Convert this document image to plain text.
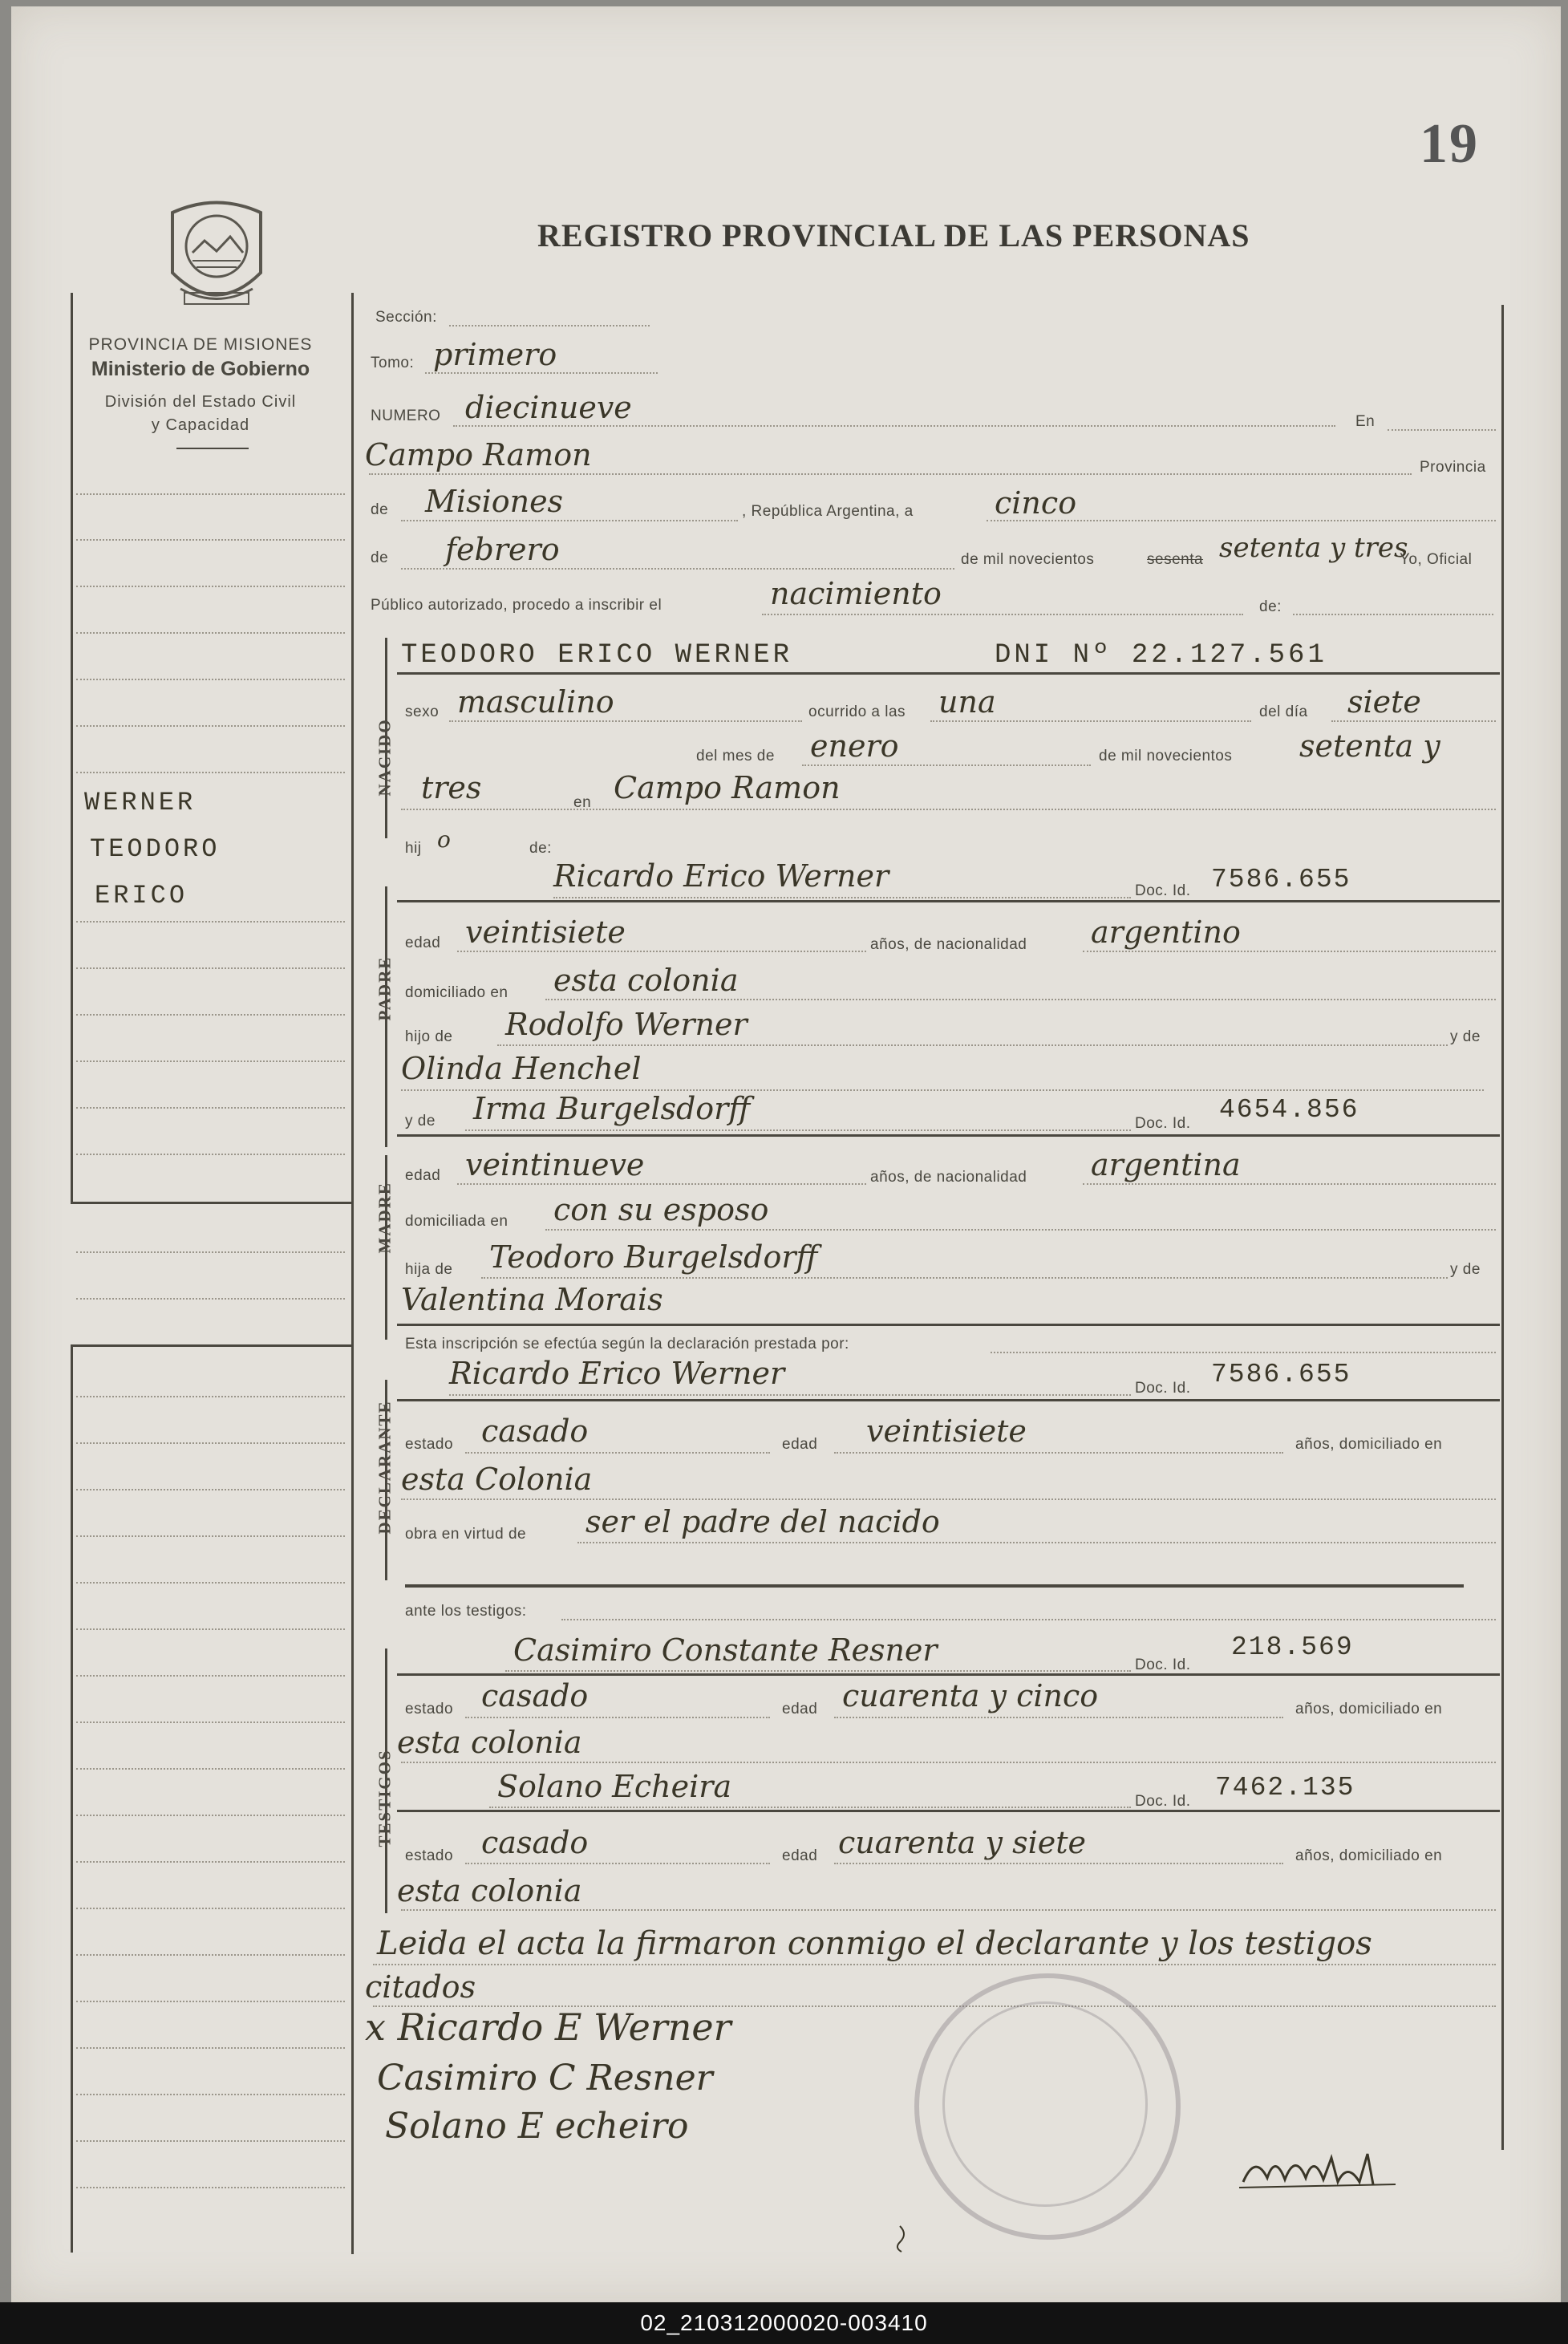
19
REGISTRO PROVINCIAL DE LAS PERSONAS
PROVINCIA DE MISIONES
Ministerio de Gobierno
División del Estado Civil
y Capacidad
WERNER
TEODORO
ERICO
Sección:
Tomo: primero
NUMERO diecinueve	En
Campo Ramon	Provincia
de Misiones	, República Argentina, a	cinco
de febrero	de mil novecientos	sesenta setenta y tres
Yo, Oficial
Público autorizado, procedo a inscribir el	nacimiento	de:
NACIDO
TEODORO ERICO WERNER	DNI Nº 22.127.561
sexo masculino	ocurrido a las una	del día siete
del mes de enero	de mil novecientos setenta y
tres	en Campo Ramon
hij o	de:
PADRE
Ricardo Erico Werner	Doc. Id. 7586.655
edad veintisiete	años, de nacionalidad argentino
domiciliado en esta colonia
hijo de Rodolfo Werner	y de
Olinda Henchel
y de Irma Burgelsdorff	Doc. Id. 4654.856
MADRE
edad veintinueve	años, de nacionalidad argentina
domiciliada en con su esposo
hija de Teodoro Burgelsdorff	y de
Valentina Morais
Esta inscripción se efectúa según la declaración prestada por:
DECLARANTE
Ricardo Erico Werner	Doc. Id. 7586.655
estado casado	edad veintisiete	años, domiciliado en
esta Colonia
obra en virtud de ser el padre del nacido
ante los testigos:
TESTIGOS
Casimiro Constante Resner	Doc. Id.
218.569
estado casado	edad cuarenta y cinco	años, domiciliado en
esta colonia
Solano Echeira	Doc. Id. 7462.135
estado casado	edad cuarenta y siete	años, domiciliado en
esta colonia
Leida el acta la firmaron conmigo el declarante y los testigos
citados
x Ricardo E Werner
Casimiro C Resner
Solano E echeiro

02_210312000020-003410
